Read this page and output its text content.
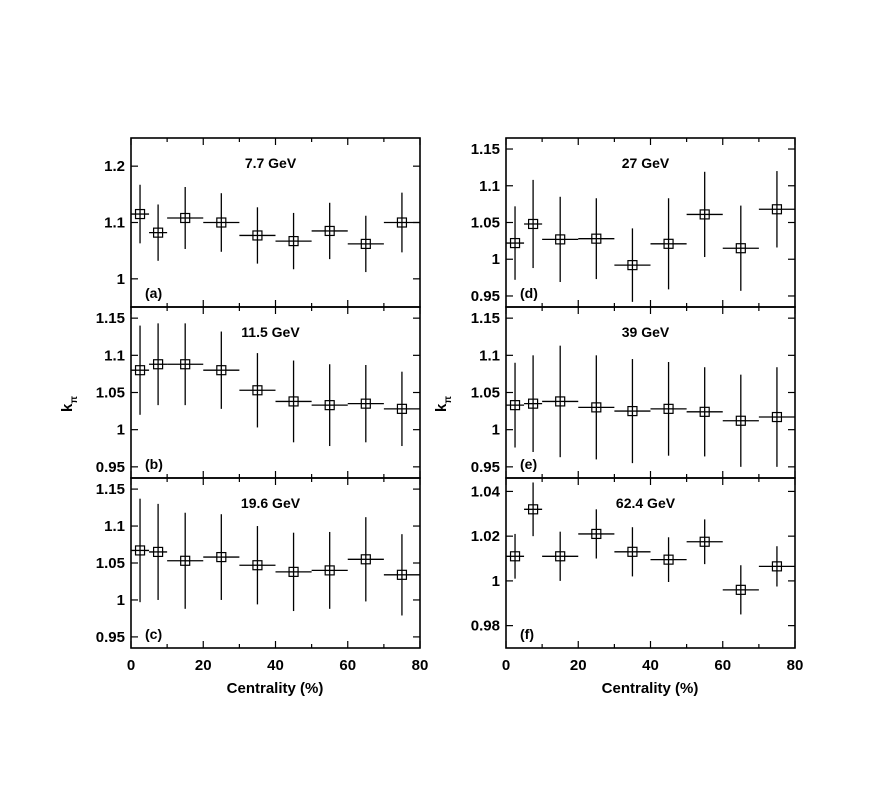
1
1.1
1.2	7.7 GeV
(a)
0.95
1
1.05
1.1
1.15
11.5 GeV
(b)
0	20	40	60	80
0.95
1
1.05
1.1
1.15
19.6 GeV
(c)
0.95
1
1.05
1.1
1.15
27 GeV
(d)
0.95
1
1.05
1.1
1.15
39 GeV
(e)
0	20	40	60	80
0.98
1
1.02
1.04
62.4 GeV
(f)
Centrality (%)	Centrality (%)
$k_\pi$
$k_\pi$
